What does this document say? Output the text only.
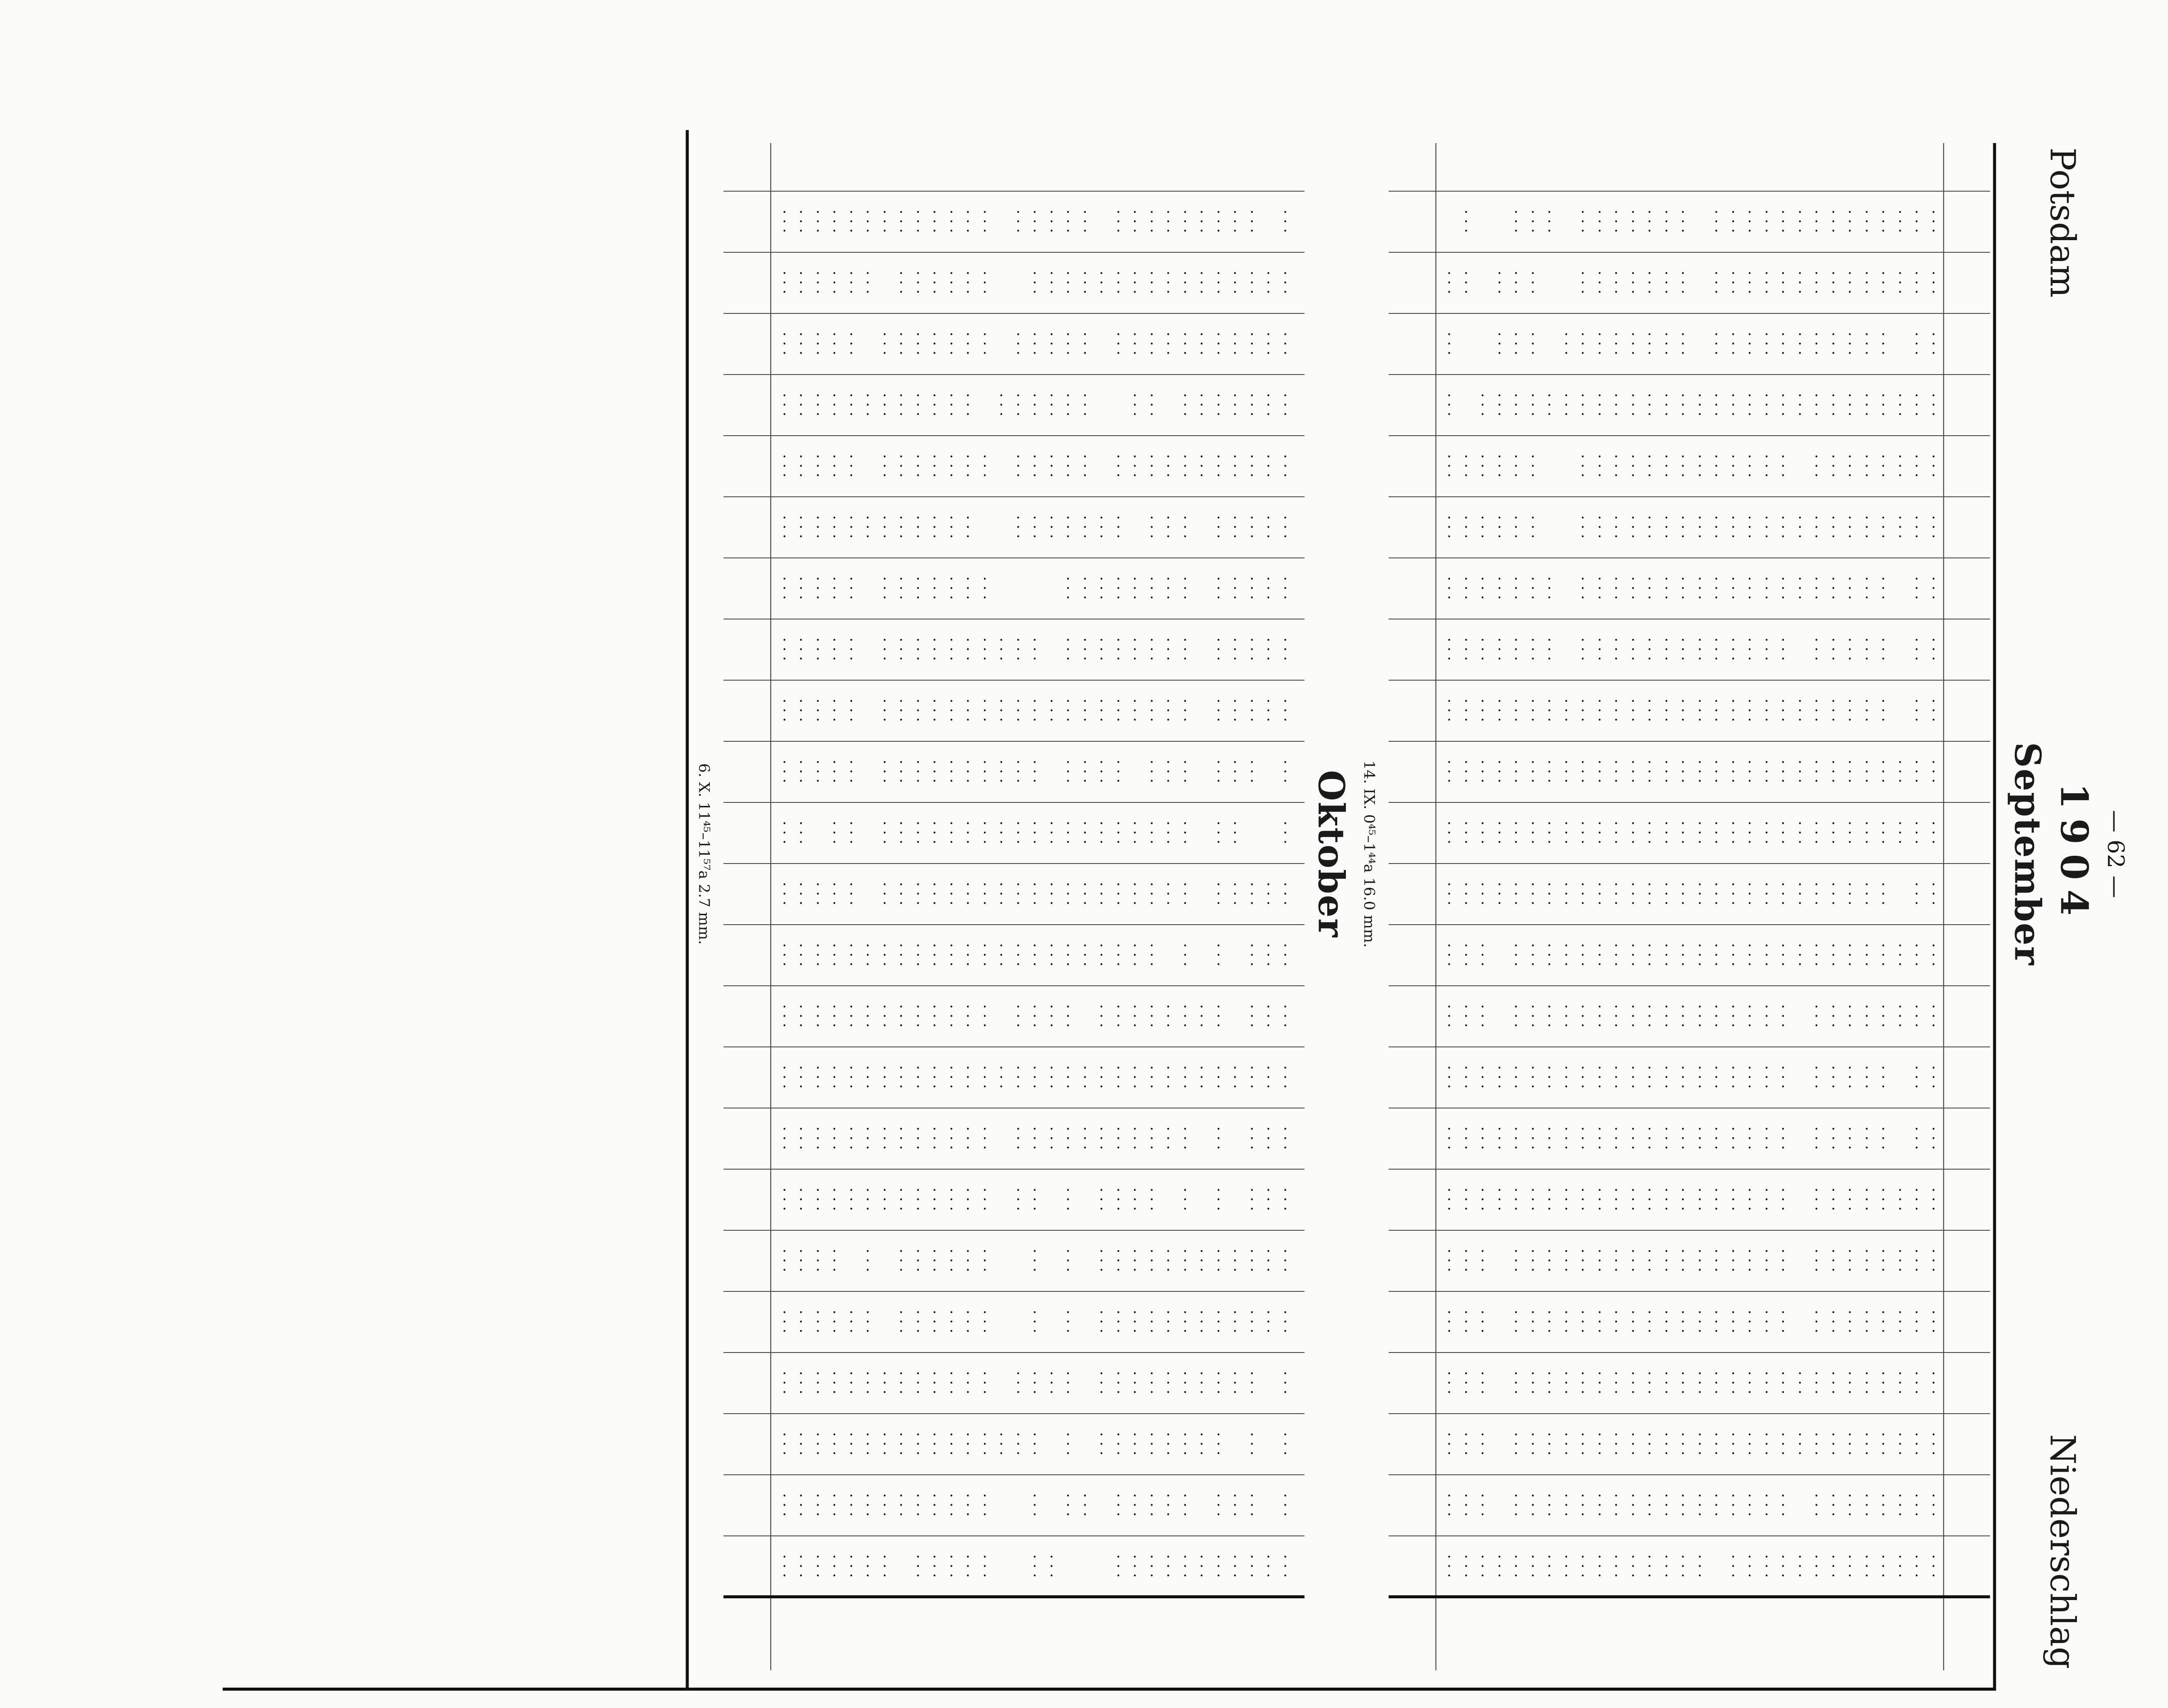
— 62 —
Potsdam
1904
September
Niederschlag
· · ·
· · ·
· · ·
· · ·
· · ·
· · ·
· · ·
· · ·
· · ·
· · ·
· · ·
· · ·
· · ·
· · ·
· · ·
· · ·
· · ·
· · ·
· · ·
· · ·
· · ·
· · ·
· · ·
· · ·
· · ·
· · ·
· · ·
· · ·
· · ·
· · ·
· · ·
· · ·
· · ·
· · ·
· · ·
· · ·
· · ·
· · ·
· · ·
· · ·
· · ·
· · ·
· · ·
· · ·
· · ·
· · ·
· · ·
· · ·
· · ·
· · ·
· · ·
· · ·
· · ·
· · ·
· · ·
· · ·
· · ·
· · ·
· · ·
· · ·
· · ·
· · ·
· · ·
· · ·
· · ·
· · ·
· · ·
· · ·
· · ·
· · ·
· · ·
· · ·
· · ·
· · ·
· · ·
· · ·
· · ·
· · ·
· · ·
· · ·
· · ·
· · ·
· · ·
· · ·
· · ·
· · ·
· · ·
· · ·
· · ·
· · ·
· · ·
· · ·
· · ·
· · ·
· · ·
· · ·
· · ·
· · ·
· · ·
· · ·
· · ·
· · ·
· · ·
· · ·
· · ·
· · ·
· · ·
· · ·
· · ·
· · ·
· · ·
· · ·
· · ·
· · ·
· · ·
· · ·
· · ·
· · ·
· · ·
· · ·
· · ·
· · ·
· · ·
· · ·
· · ·
· · ·
· · ·
· · ·
· · ·
· · ·
· · ·
· · ·
· · ·
· · ·
· · ·
· · ·
· · ·
· · ·
· · ·
· · ·
· · ·
· · ·
· · ·
· · ·
· · ·
· · ·
· · ·
· · ·
· · ·
· · ·
· · ·
· · ·
· · ·
· · ·
· · ·
· · ·
· · ·
· · ·
· · ·
· · ·
· · ·
· · ·
· · ·
· · ·
· · ·
· · ·
· · ·
· · ·
· · ·
· · ·
· · ·
· · ·
· · ·
· · ·
· · ·
· · ·
· · ·
· · ·
· · ·
· · ·
· · ·
· · ·
· · ·
· · ·
· · ·
· · ·
· · ·
· · ·
· · ·
· · ·
· · ·
· · ·
· · ·
· · ·
· · ·
· · ·
· · ·
· · ·
· · ·
· · ·
· · ·
· · ·
· · ·
· · ·
· · ·
· · ·
· · ·
· · ·
· · ·
· · ·
· · ·
· · ·
· · ·
· · ·
· · ·
· · ·
· · ·
· · ·
· · ·
· · ·
· · ·
· · ·
· · ·
· · ·
· · ·
· · ·
· · ·
· · ·
· · ·
· · ·
· · ·
· · ·
· · ·
· · ·
· · ·
· · ·
· · ·
· · ·
· · ·
· · ·
· · ·
· · ·
· · ·
· · ·
· · ·
· · ·
· · ·
· · ·
· · ·
· · ·
· · ·
· · ·
· · ·
· · ·
· · ·
· · ·
· · ·
· · ·
· · ·
· · ·
· · ·
· · ·
· · ·
· · ·
· · ·
· · ·
· · ·
· · ·
· · ·
· · ·
· · ·
· · ·
· · ·
· · ·
· · ·
· · ·
· · ·
· · ·
· · ·
· · ·
· · ·
· · ·
· · ·
· · ·
· · ·
· · ·
· · ·
· · ·
· · ·
· · ·
· · ·
· · ·
· · ·
· · ·
· · ·
· · ·
· · ·
· · ·
· · ·
· · ·
· · ·
· · ·
· · ·
· · ·
· · ·
· · ·
· · ·
· · ·
· · ·
· · ·
· · ·
· · ·
· · ·
· · ·
· · ·
· · ·
· · ·
· · ·
· · ·
· · ·
· · ·
· · ·
· · ·
· · ·
· · ·
· · ·
· · ·
· · ·
· · ·
· · ·
· · ·
· · ·
· · ·
· · ·
· · ·
· · ·
· · ·
· · ·
· · ·
· · ·
· · ·
· · ·
· · ·
· · ·
· · ·
· · ·
· · ·
· · ·
· · ·
· · ·
· · ·
· · ·
· · ·
· · ·
· · ·
· · ·
· · ·
· · ·
· · ·
· · ·
· · ·
· · ·
· · ·
· · ·
· · ·
· · ·
· · ·
· · ·
· · ·
· · ·
· · ·
· · ·
· · ·
· · ·
· · ·
· · ·
· · ·
· · ·
· · ·
· · ·
· · ·
· · ·
· · ·
· · ·
· · ·
· · ·
· · ·
· · ·
· · ·
· · ·
· · ·
· · ·
· · ·
· · ·
· · ·
· · ·
· · ·
· · ·
· · ·
· · ·
· · ·
· · ·
· · ·
· · ·
· · ·
· · ·
· · ·
· · ·
· · ·
· · ·
· · ·
· · ·
· · ·
· · ·
· · ·
· · ·
· · ·
· · ·
· · ·
· · ·
· · ·
· · ·
· · ·
· · ·
· · ·
· · ·
· · ·
· · ·
· · ·
· · ·
· · ·
· · ·
· · ·
· · ·
· · ·
· · ·
· · ·
· · ·
· · ·
· · ·
· · ·
· · ·
· · ·
· · ·
· · ·
· · ·
· · ·
· · ·
· · ·
· · ·
· · ·
· · ·
· · ·
· · ·
· · ·
· · ·
· · ·
· · ·
· · ·
· · ·
· · ·
· · ·
· · ·
· · ·
· · ·
· · ·
· · ·
· · ·
· · ·
· · ·
· · ·
· · ·
· · ·
· · ·
· · ·
· · ·
· · ·
· · ·
· · ·
· · ·
· · ·
· · ·
· · ·
· · ·
· · ·
· · ·
· · ·
· · ·
· · ·
· · ·
· · ·
· · ·
· · ·
· · ·
· · ·
· · ·
· · ·
· · ·
· · ·
· · ·
· · ·
· · ·
· · ·
· · ·
· · ·
· · ·
· · ·
· · ·
· · ·
· · ·
· · ·
· · ·
· · ·
· · ·
· · ·
· · ·
· · ·
· · ·
· · ·
· · ·
· · ·
· · ·
· · ·
· · ·
· · ·
· · ·
· · ·
· · ·
· · ·
· · ·
· · ·
· · ·
· · ·
· · ·
· · ·
· · ·
· · ·
· · ·
· · ·
· · ·
· · ·
· · ·
· · ·
· · ·
· · ·
· · ·
· · ·
· · ·
· · ·
· · ·
· · ·
· · ·
· · ·
· · ·
· · ·
· · ·
· · ·
· · ·
· · ·
· · ·
· · ·
· · ·
· · ·
· · ·
· · ·
· · ·
· · ·
· · ·
· · ·
· · ·
· · ·
· · ·
· · ·
· · ·
· · ·
· · ·
· · ·
· · ·
· · ·
· · ·
· · ·
· · ·
· · ·
· · ·
· · ·
· · ·
· · ·
· · ·
· · ·
· · ·
· · ·
· · ·
· · ·
· · ·
· · ·
· · ·
· · ·
· · ·
· · ·
· · ·
· · ·
· · ·
· · ·
· · ·
· · ·
· · ·
· · ·
· · ·
· · ·
· · ·
· · ·
· · ·
· · ·
· · ·
· · ·
· · ·
· · ·
· · ·
· · ·
· · ·
· · ·
· · ·
· · ·
· · ·
· · ·
· · ·
· · ·
· · ·
· · ·
· · ·
· · ·
· · ·
· · ·
· · ·
· · ·
· · ·
· · ·
· · ·
· · ·
· · ·
· · ·
· · ·
· · ·
· · ·
· · ·
· · ·
14. IX. 0⁴⁵–1⁴⁴a 16.0 mm.
Oktober
· · ·
· · ·
· · ·
· · ·
· · ·
· · ·
· · ·
· · ·
· · ·
· · ·
· · ·
· · ·
· · ·
· · ·
· · ·
· · ·
· · ·
· · ·
· · ·
· · ·
· · ·
· · ·
· · ·
· · ·
· · ·
· · ·
· · ·
· · ·
· · ·
· · ·
· · ·
· · ·
· · ·
· · ·
· · ·
· · ·
· · ·
· · ·
· · ·
· · ·
· · ·
· · ·
· · ·
· · ·
· · ·
· · ·
· · ·
· · ·
· · ·
· · ·
· · ·
· · ·
· · ·
· · ·
· · ·
· · ·
· · ·
· · ·
· · ·
· · ·
· · ·
· · ·
· · ·
· · ·
· · ·
· · ·
· · ·
· · ·
· · ·
· · ·
· · ·
· · ·
· · ·
· · ·
· · ·
· · ·
· · ·
· · ·
· · ·
· · ·
· · ·
· · ·
· · ·
· · ·
· · ·
· · ·
· · ·
· · ·
· · ·
· · ·
· · ·
· · ·
· · ·
· · ·
· · ·
· · ·
· · ·
· · ·
· · ·
· · ·
· · ·
· · ·
· · ·
· · ·
· · ·
· · ·
· · ·
· · ·
· · ·
· · ·
· · ·
· · ·
· · ·
· · ·
· · ·
· · ·
· · ·
· · ·
· · ·
· · ·
· · ·
· · ·
· · ·
· · ·
· · ·
· · ·
· · ·
· · ·
· · ·
· · ·
· · ·
· · ·
· · ·
· · ·
· · ·
· · ·
· · ·
· · ·
· · ·
· · ·
· · ·
· · ·
· · ·
· · ·
· · ·
· · ·
· · ·
· · ·
· · ·
· · ·
· · ·
· · ·
· · ·
· · ·
· · ·
· · ·
· · ·
· · ·
· · ·
· · ·
· · ·
· · ·
· · ·
· · ·
· · ·
· · ·
· · ·
· · ·
· · ·
· · ·
· · ·
· · ·
· · ·
· · ·
· · ·
· · ·
· · ·
· · ·
· · ·
· · ·
· · ·
· · ·
· · ·
· · ·
· · ·
· · ·
· · ·
· · ·
· · ·
· · ·
· · ·
· · ·
· · ·
· · ·
· · ·
· · ·
· · ·
· · ·
· · ·
· · ·
· · ·
· · ·
· · ·
· · ·
· · ·
· · ·
· · ·
· · ·
· · ·
· · ·
· · ·
· · ·
· · ·
· · ·
· · ·
· · ·
· · ·
· · ·
· · ·
· · ·
· · ·
· · ·
· · ·
· · ·
· · ·
· · ·
· · ·
· · ·
· · ·
· · ·
· · ·
· · ·
· · ·
· · ·
· · ·
· · ·
· · ·
· · ·
· · ·
· · ·
· · ·
· · ·
· · ·
· · ·
· · ·
· · ·
· · ·
· · ·
· · ·
· · ·
· · ·
· · ·
· · ·
· · ·
· · ·
· · ·
· · ·
· · ·
· · ·
· · ·
· · ·
· · ·
· · ·
· · ·
· · ·
· · ·
· · ·
· · ·
· · ·
· · ·
· · ·
· · ·
· · ·
· · ·
· · ·
· · ·
· · ·
· · ·
· · ·
· · ·
· · ·
· · ·
· · ·
· · ·
· · ·
· · ·
· · ·
· · ·
· · ·
· · ·
· · ·
· · ·
· · ·
· · ·
· · ·
· · ·
· · ·
· · ·
· · ·
· · ·
· · ·
· · ·
· · ·
· · ·
· · ·
· · ·
· · ·
· · ·
· · ·
· · ·
· · ·
· · ·
· · ·
· · ·
· · ·
· · ·
· · ·
· · ·
· · ·
· · ·
· · ·
· · ·
· · ·
· · ·
· · ·
· · ·
· · ·
· · ·
· · ·
· · ·
· · ·
· · ·
· · ·
· · ·
· · ·
· · ·
· · ·
· · ·
· · ·
· · ·
· · ·
· · ·
· · ·
· · ·
· · ·
· · ·
· · ·
· · ·
· · ·
· · ·
· · ·
· · ·
· · ·
· · ·
· · ·
· · ·
· · ·
· · ·
· · ·
· · ·
· · ·
· · ·
· · ·
· · ·
· · ·
· · ·
· · ·
· · ·
· · ·
· · ·
· · ·
· · ·
· · ·
· · ·
· · ·
· · ·
· · ·
· · ·
· · ·
· · ·
· · ·
· · ·
· · ·
· · ·
· · ·
· · ·
· · ·
· · ·
· · ·
· · ·
· · ·
· · ·
· · ·
· · ·
· · ·
· · ·
· · ·
· · ·
· · ·
· · ·
· · ·
· · ·
· · ·
· · ·
· · ·
· · ·
· · ·
· · ·
· · ·
· · ·
· · ·
· · ·
· · ·
· · ·
· · ·
· · ·
· · ·
· · ·
· · ·
· · ·
· · ·
· · ·
· · ·
· · ·
· · ·
· · ·
· · ·
· · ·
· · ·
· · ·
· · ·
· · ·
· · ·
· · ·
· · ·
· · ·
· · ·
· · ·
· · ·
· · ·
· · ·
· · ·
· · ·
· · ·
· · ·
· · ·
· · ·
· · ·
· · ·
· · ·
· · ·
· · ·
· · ·
· · ·
· · ·
· · ·
· · ·
· · ·
· · ·
· · ·
· · ·
· · ·
· · ·
· · ·
· · ·
· · ·
· · ·
· · ·
· · ·
· · ·
· · ·
· · ·
· · ·
· · ·
· · ·
· · ·
· · ·
· · ·
· · ·
· · ·
· · ·
· · ·
· · ·
· · ·
· · ·
· · ·
· · ·
· · ·
· · ·
· · ·
· · ·
· · ·
· · ·
· · ·
· · ·
· · ·
· · ·
· · ·
· · ·
· · ·
· · ·
· · ·
· · ·
· · ·
· · ·
· · ·
· · ·
· · ·
· · ·
· · ·
· · ·
· · ·
· · ·
· · ·
· · ·
· · ·
· · ·
· · ·
· · ·
· · ·
· · ·
· · ·
· · ·
· · ·
· · ·
· · ·
· · ·
· · ·
· · ·
· · ·
· · ·
· · ·
· · ·
· · ·
· · ·
· · ·
· · ·
· · ·
· · ·
· · ·
· · ·
· · ·
· · ·
· · ·
· · ·
· · ·
· · ·
· · ·
· · ·
· · ·
· · ·
· · ·
· · ·
· · ·
· · ·
· · ·
· · ·
· · ·
· · ·
· · ·
· · ·
· · ·
· · ·
· · ·
· · ·
· · ·
· · ·
· · ·
· · ·
· · ·
· · ·
· · ·
· · ·
· · ·
· · ·
· · ·
· · ·
· · ·
· · ·
· · ·
· · ·
· · ·
· · ·
· · ·
· · ·
· · ·
· · ·
· · ·
· · ·
· · ·
· · ·
· · ·
· · ·
· · ·
· · ·
· · ·
· · ·
· · ·
· · ·
· · ·
· · ·
· · ·
· · ·
· · ·
· · ·
· · ·
· · ·
· · ·
· · ·
· · ·
· · ·
· · ·
· · ·
· · ·
· · ·
· · ·
· · ·
· · ·
· · ·
· · ·
· · ·
· · ·
· · ·
· · ·
· · ·
6. X. 11⁴⁵–11⁵⁷a 2.7 mm.
